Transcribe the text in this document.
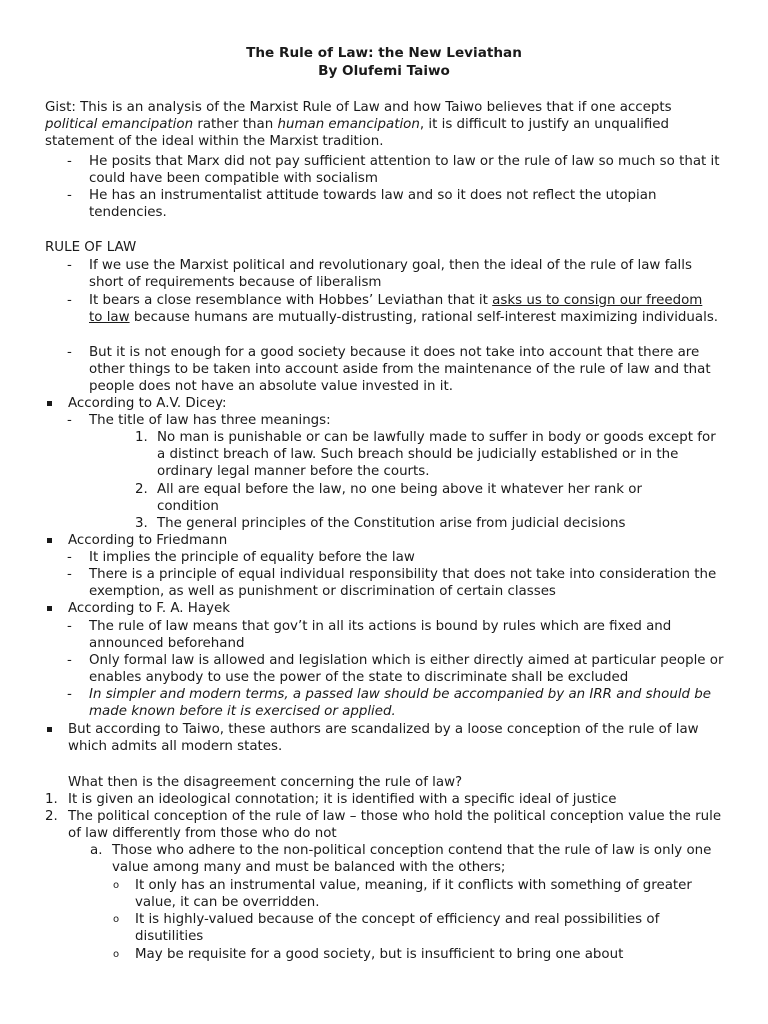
The Rule of Law: the New Leviathan
By Olufemi Taiwo
Gist: This is an analysis of the Marxist Rule of Law and how Taiwo believes that if one accepts
political emancipation rather than human emancipation, it is difficult to justify an unqualified
statement of the ideal within the Marxist tradition.
- He posits that Marx did not pay sufficient attention to law or the rule of law so much so that it could have been compatible with socialism
- He has an instrumentalist attitude towards law and so it does not reflect the utopian tendencies.
RULE OF LAW
- If we use the Marxist political and revolutionary goal, then the ideal of the rule of law falls short of requirements because of liberalism
- It bears a close resemblance with Hobbes’ Leviathan that it asks us to consign our freedom
to law because humans are mutually-distrusting, rational self-interest maximizing individuals.
- But it is not enough for a good society because it does not take into account that there are other things to be taken into account aside from the maintenance of the rule of law and that people does not have an absolute value invested in it.
According to A.V. Dicey:
- The title of law has three meanings:
1. No man is punishable or can be lawfully made to suffer in body or goods except for a distinct breach of law. Such breach should be judicially established or in the ordinary legal manner before the courts.
2. All are equal before the law, no one being above it whatever her rank or condition
3. The general principles of the Constitution arise from judicial decisions
According to Friedmann
- It implies the principle of equality before the law
- There is a principle of equal individual responsibility that does not take into consideration the exemption, as well as punishment or discrimination of certain classes
According to F. A. Hayek
- The rule of law means that gov’t in all its actions is bound by rules which are fixed and announced beforehand
- Only formal law is allowed and legislation which is either directly aimed at particular people or enables anybody to use the power of the state to discriminate shall be excluded
- In simpler and modern terms, a passed law should be accompanied by an IRR and should be made known before it is exercised or applied.
But according to Taiwo, these authors are scandalized by a loose conception of the rule of law which admits all modern states.
What then is the disagreement concerning the rule of law?
1. It is given an ideological connotation; it is identified with a specific ideal of justice
2. The political conception of the rule of law – those who hold the political conception value the rule of law differently from those who do not
a. Those who adhere to the non-political conception contend that the rule of law is only one value among many and must be balanced with the others;
o It only has an instrumental value, meaning, if it conflicts with something of greater value, it can be overridden.
o It is highly-valued because of the concept of efficiency and real possibilities of disutilities
o May be requisite for a good society, but is insufficient to bring one about
